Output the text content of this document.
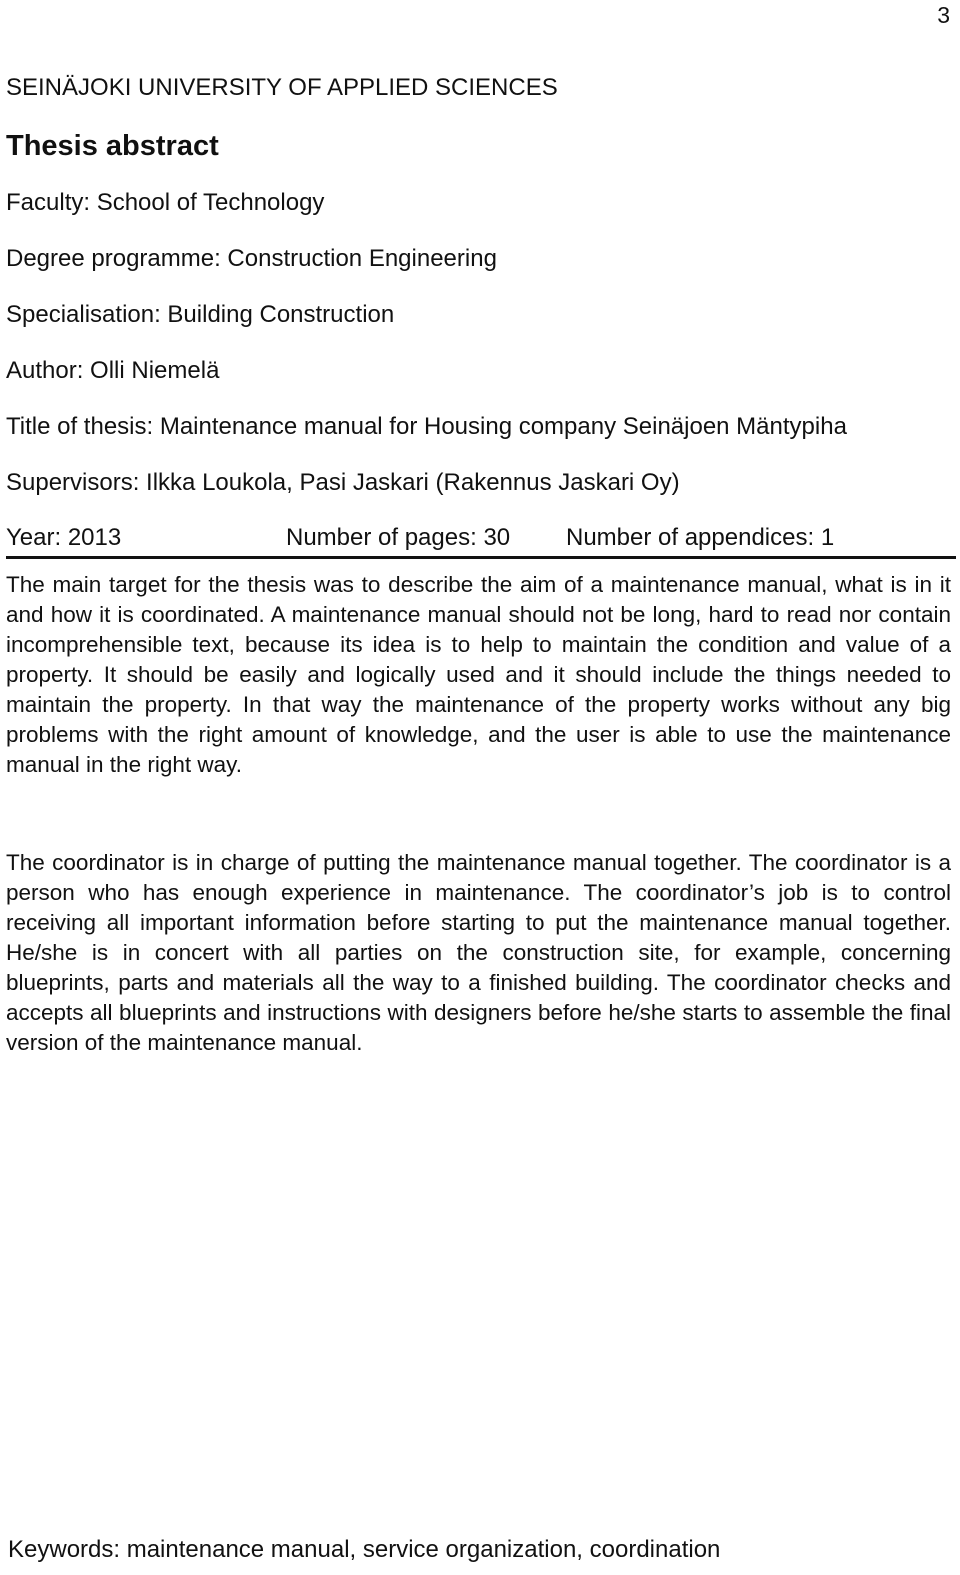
3
SEINÄJOKI UNIVERSITY OF APPLIED SCIENCES
Thesis abstract
Faculty: School of Technology
Degree programme: Construction Engineering
Specialisation: Building Construction
Author: Olli Niemelä
Title of thesis: Maintenance manual for Housing company Seinäjoen Mäntypiha
Supervisors: Ilkka Loukola, Pasi Jaskari (Rakennus Jaskari Oy)
Year: 2013	Number of pages: 30 Number of appendices: 1

The main target for the thesis was to describe the aim of a maintenance manual, what is in it and how it is coordinated. A maintenance manual should not be long, hard to read nor contain incomprehensible text, because its idea is to help to maintain the condition and value of a property. It should be easily and logically used and it should include the things needed to maintain the property. In that way the maintenance of the property works without any big problems with the right amount of knowledge, and the user is able to use the maintenance manual in the right way.

The coordinator is in charge of putting the maintenance manual together. The coordinator is a person who has enough experience in maintenance. The coordinator’s job is to control receiving all important information before starting to put the maintenance manual together. He/she is in concert with all parties on the construction site, for example, concerning blueprints, parts and materials all the way to a finished building. The coordinator checks and accepts all blueprints and instructions with designers before he/she starts to assemble the final version of the maintenance manual.

Keywords: maintenance manual, service organization, coordination
